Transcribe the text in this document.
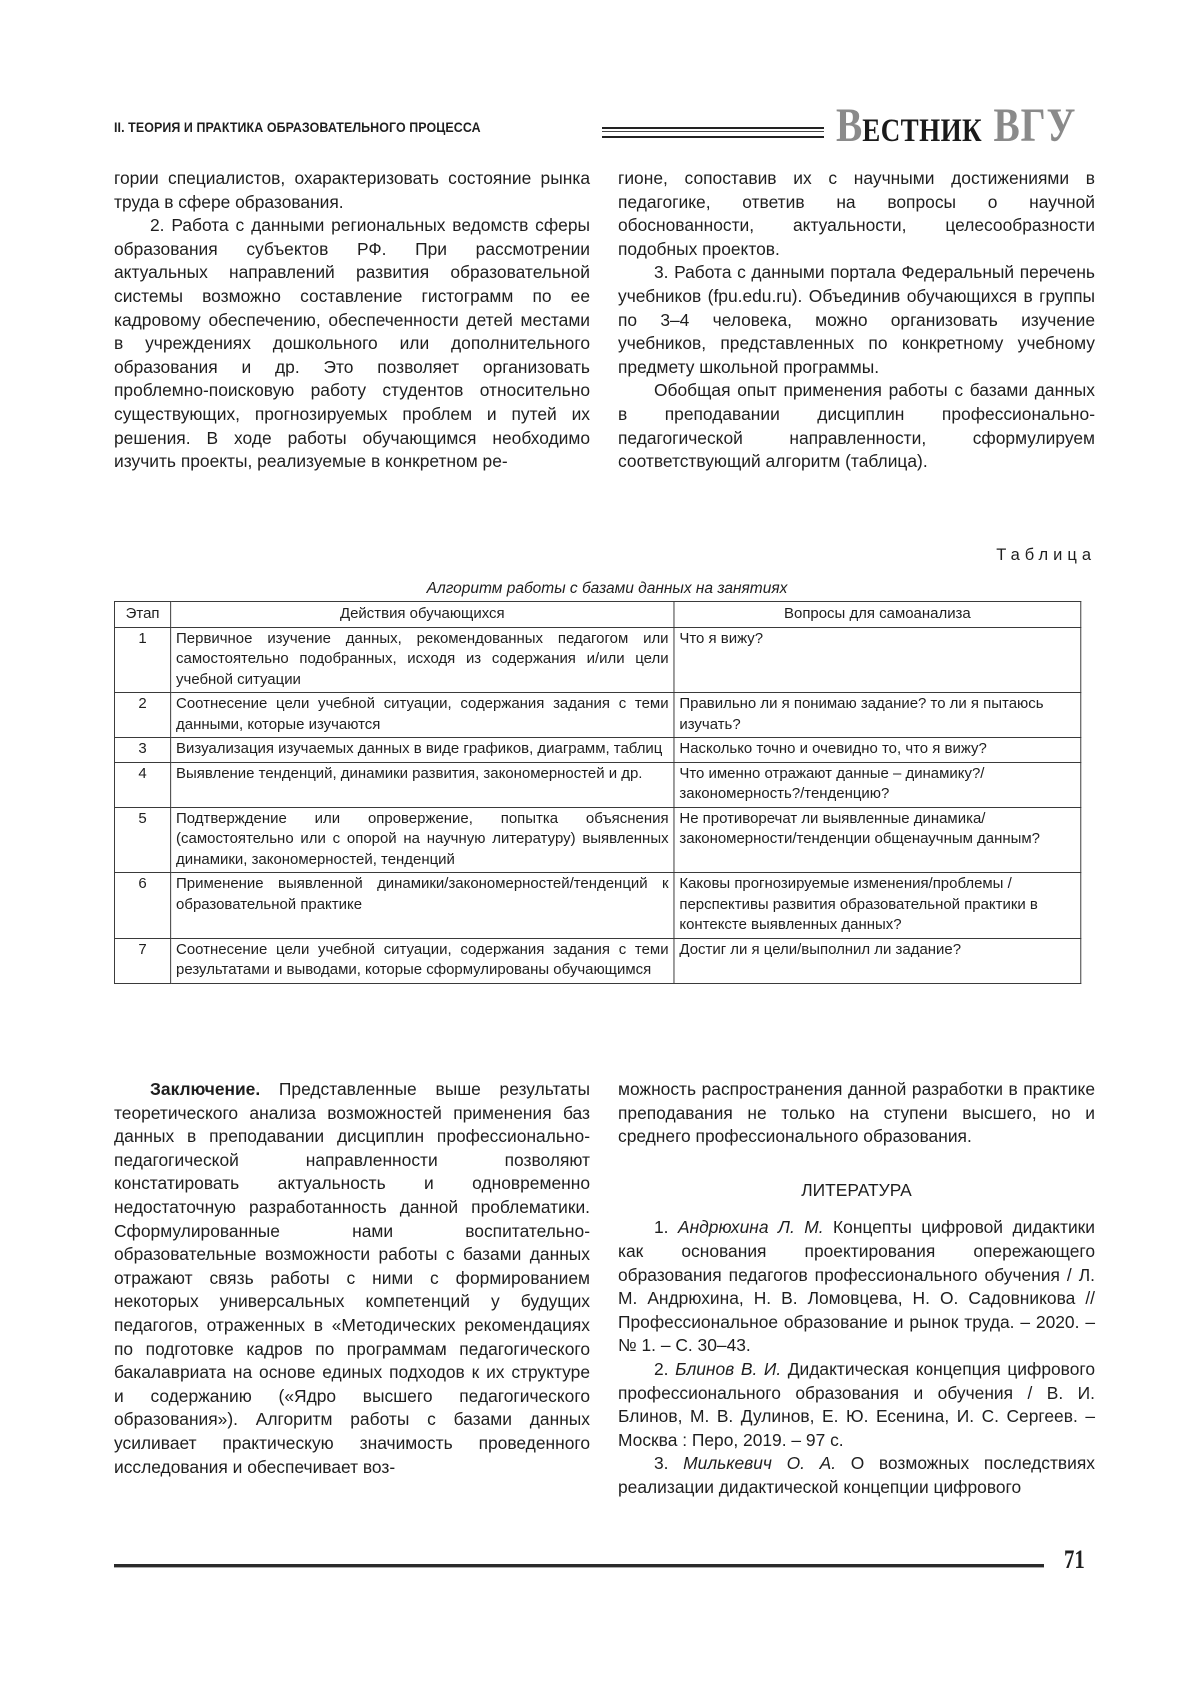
II. ТЕОРИЯ И ПРАКТИКА ОБРАЗОВАТЕЛЬНОГО ПРОЦЕССА	ВЕСТНИК ВГУ

гории специалистов, охарактеризовать состояние рынка труда в сфере образования.

2. Работа с данными региональных ведомств сферы образования субъектов РФ. При рассмотрении актуальных направлений развития образовательной системы возможно составление гистограмм по ее кадровому обеспечению, обеспеченности детей местами в учреждениях дошкольного или дополнительного образования и др. Это позволяет организовать проблемно-поисковую работу студентов относительно существующих, прогнозируемых проблем и путей их решения. В ходе работы обучающимся необходимо изучить проекты, реализуемые в конкретном ре-

гионе, сопоставив их с научными достижениями в педагогике, ответив на вопросы о научной обоснованности, актуальности, целесообразности подобных проектов.

3. Работа с данными портала Федеральный перечень учебников (fpu.edu.ru). Объединив обучающихся в группы по 3–4 человека, можно организовать изучение учебников, представленных по конкретному учебному предмету школьной программы.

Обобщая опыт применения работы с базами данных в преподавании дисциплин профессионально-педагогической направленности, сформулируем соответствующий алгоритм (таблица).

Таблица
Алгоритм работы с базами данных на занятиях
Этап	Действия обучающихся	Вопросы для самоанализа
1	Первичное изучение данных, рекомендованных педагогом или самостоятельно подобранных, исходя из содержания и/или цели учебной ситуации	Что я вижу?
2	Соотнесение цели учебной ситуации, содержания задания с теми данными, которые изучаются	Правильно ли я понимаю задание? то ли я пытаюсь изучать?
3	Визуализация изучаемых данных в виде графиков, диаграмм, таблиц	Насколько точно и очевидно то, что я вижу?
4	Выявление тенденций, динамики развития, закономерностей и др.	Что именно отражают данные – динамику?/ закономерность?/тенденцию?
5	Подтверждение или опровержение, попытка объяснения (самостоятельно или с опорой на научную литературу) выявленных динамики, закономерностей, тенденций	Не противоречат ли выявленные динамика/ закономерности/тенденции общенаучным данным?
6	Применение выявленной динамики/закономерностей/тенденций к образовательной практике	Каковы прогнозируемые изменения/проблемы /перспективы развития образовательной практики в контексте выявленных данных?
7	Соотнесение цели учебной ситуации, содержания задания с теми результатами и выводами, которые сформулированы обучающимся	Достиг ли я цели/выполнил ли задание?

Заключение. Представленные выше результаты теоретического анализа возможностей применения баз данных в преподавании дисциплин профессионально-педагогической направленности позволяют констатировать актуальность и одновременно недостаточную разработанность данной проблематики. Сформулированные нами воспитательно-образовательные возможности работы с базами данных отражают связь работы с ними с формированием некоторых универсальных компетенций у будущих педагогов, отраженных в «Методических рекомендациях по подготовке кадров по программам педагогического бакалавриата на основе единых подходов к их структуре и содержанию («Ядро высшего педагогического образования»). Алгоритм работы с базами данных усиливает практическую значимость проведенного исследования и обеспечивает воз-

можность распространения данной разработки в практике преподавания не только на ступени высшего, но и среднего профессионального образования.

ЛИТЕРАТУРА

1. Андрюхина Л. М. Концепты цифровой дидактики как основания проектирования опережающего образования педагогов профессионального обучения / Л. М. Андрюхина, Н. В. Ломовцева, Н. О. Садовникова // Профессиональное образование и рынок труда. – 2020. – № 1. – С. 30–43.

2. Блинов В. И. Дидактическая концепция цифрового профессионального образования и обучения / В. И. Блинов, М. В. Дулинов, Е. Ю. Есенина, И. С. Сергеев. – Москва : Перо, 2019. – 97 с.

3. Милькевич О. А. О возможных последствиях реализации дидактической концепции цифрового

71
